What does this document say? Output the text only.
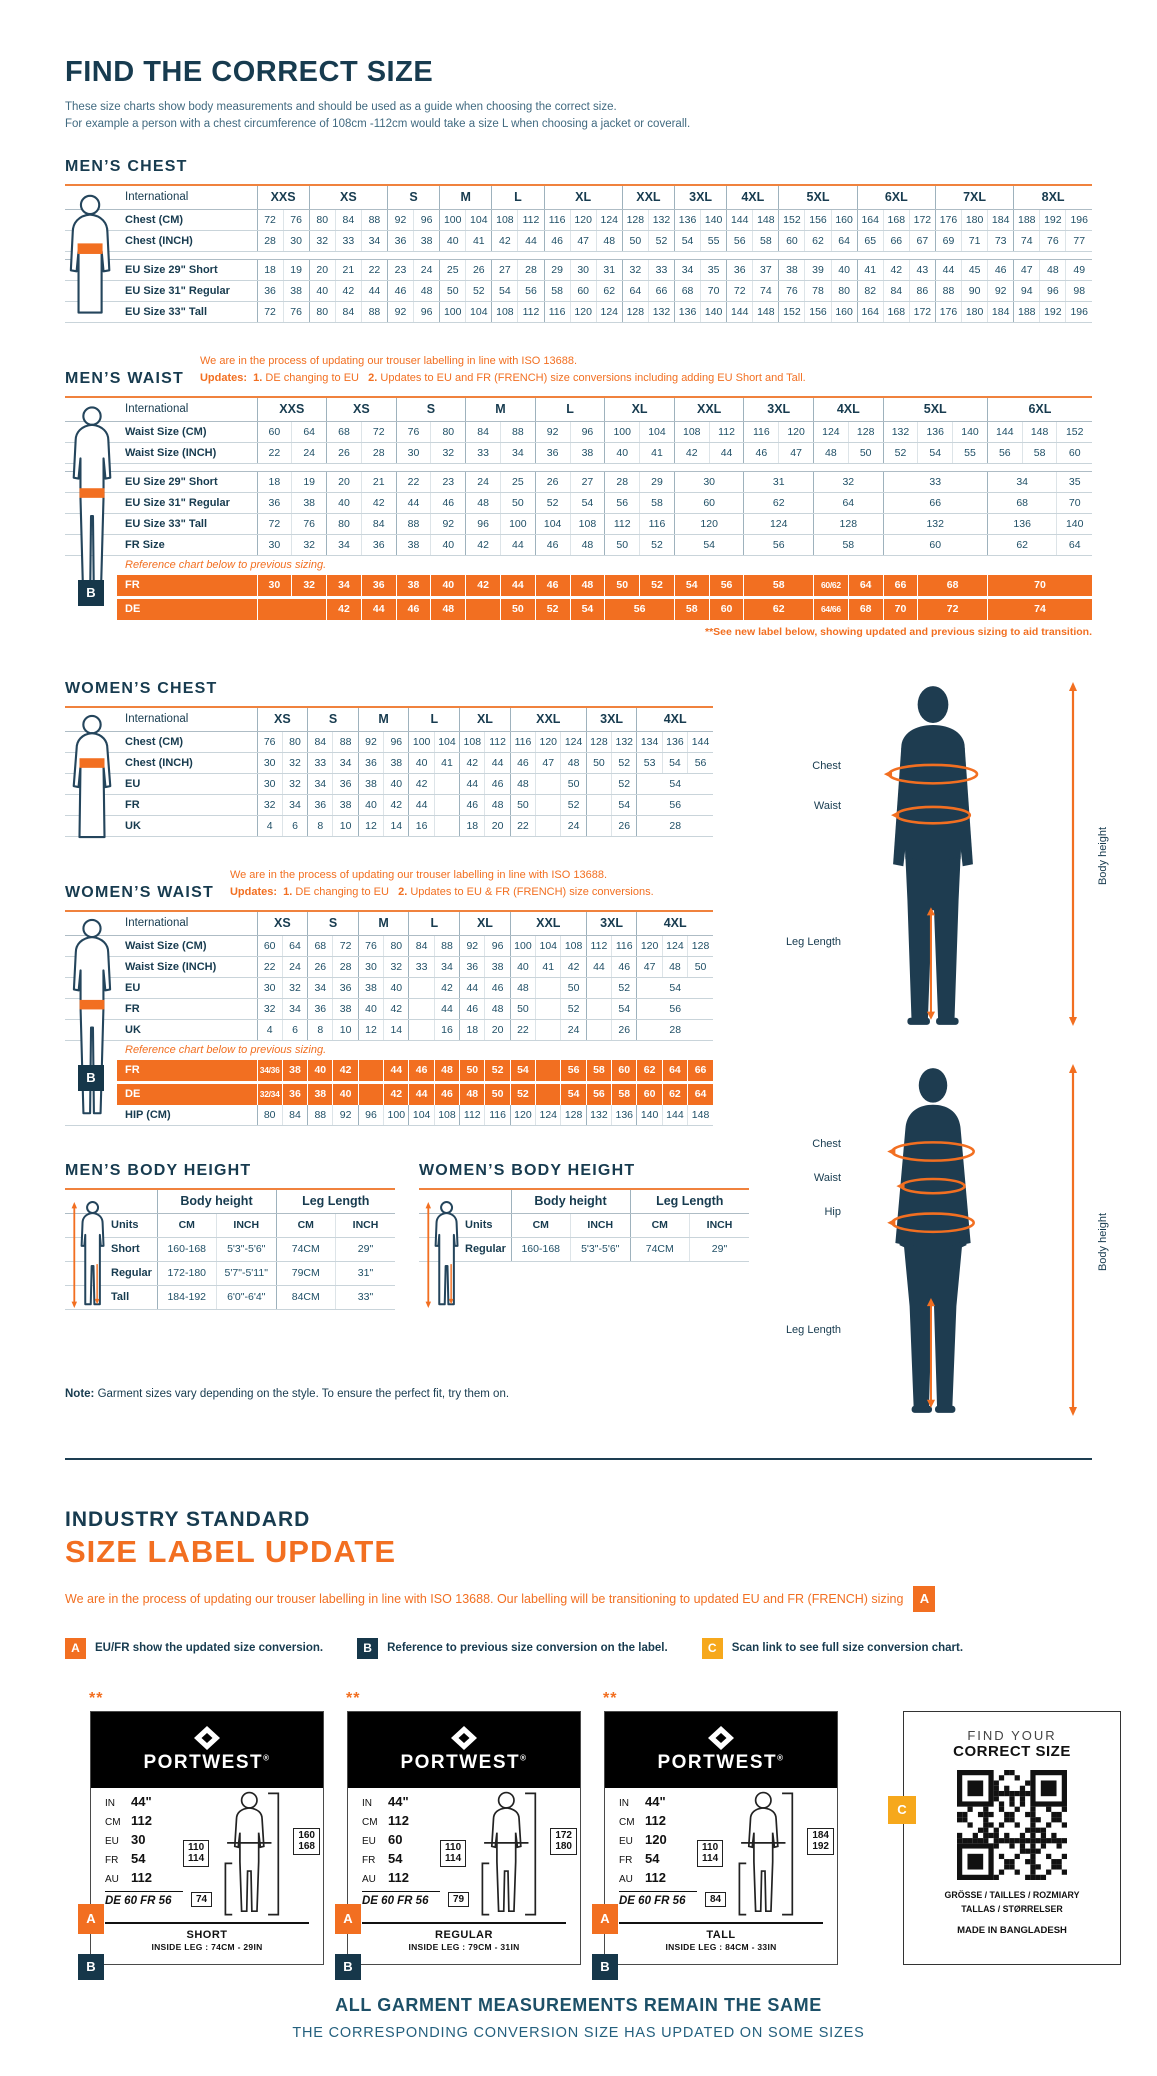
FIND THE CORRECT SIZE

These size charts show body measurements and should be used as a guide when choosing the correct size.
For example a person with a chest circumference of 108cm -112cm would take a size L when choosing a jacket or coverall.

MEN’S CHEST
International	XXS		XS			S		M		L		XL			XXL		3XL		4XL		5XL			6XL			7XL			8XL		
Chest (CM)	72	76	80	84	88	92	96	100	104	108	112	116	120	124	128	132	136	140	144	148	152	156	160	164	168	172	176	180	184	188	192	196
Chest (INCH)	28	30	32	33	34	36	38	40	41	42	44	46	47	48	50	52	54	55	56	58	60	62	64	65	66	67	69	71	73	74	76	77

EU Size 29" Short	18	19	20	21	22	23	24	25	26	27	28	29	30	31	32	33	34	35	36	37	38	39	40	41	42	43	44	45	46	47	48	49
EU Size 31" Regular	36	38	40	42	44	46	48	50	52	54	56	58	60	62	64	66	68	70	72	74	76	78	80	82	84	86	88	90	92	94	96	98
EU Size 33" Tall	72	76	80	84	88	92	96	100	104	108	112	116	120	124	128	132	136	140	144	148	152	156	160	164	168	172	176	180	184	188	192	196
MEN’S WAIST
We are in the process of updating our trouser labelling in line with ISO 13688.
Updates: 1. DE changing to EU 2. Updates to EU and FR (FRENCH) size conversions including adding EU Short and Tall.
International	XXS		XS		S		M		L		XL		XXL		3XL		4XL		5XL			6XL		
Waist Size (CM)	60	64	68	72	76	80	84	88	92	96	100	104	108	112	116	120	124	128	132	136	140	144	148	152
Waist Size (INCH)	22	24	26	28	30	32	33	34	36	38	40	41	42	44	46	47	48	50	52	54	55	56	58	60

EU Size 29" Short	18	19	20	21	22	23	24	25	26	27	28	29	30		31		32		33			34		35
EU Size 31" Regular	36	38	40	42	44	46	48	50	52	54	56	58	60		62		64		66			68		70
EU Size 33" Tall	72	76	80	84	88	92	96	100	104	108	112	116	120		124		128		132			136		140
FR Size	30	32	34	36	38	40	42	44	46	48	50	52	54		56		58		60			62		64
Reference chart below to previous sizing.																								
FR	30	32	34	36	38	40	42	44	46	48	50	52	54	56	58		60/62	64	66	68		70		
DE			42	44	46	48		50	52	54	56		58	60	62		64/66	68	70	72		74		
B
**See new label below, showing updated and previous sizing to aid transition.
WOMEN’S CHEST
International	XS		S		M		L		XL		XXL			3XL		4XL		
Chest (CM)	76	80	84	88	92	96	100	104	108	112	116	120	124	128	132	134	136	144
Chest (INCH)	30	32	33	34	36	38	40	41	42	44	46	47	48	50	52	53	54	56
EU	30	32	34	36	38	40	42		44	46	48		50		52	54		
FR	32	34	36	38	40	42	44		46	48	50		52		54	56		
UK	4	6	8	10	12	14	16		18	20	22		24		26	28		
WOMEN’S WAIST
We are in the process of updating our trouser labelling in line with ISO 13688.
Updates: 1. DE changing to EU 2. Updates to EU & FR (FRENCH) size conversions.
International	XS		S		M		L		XL		XXL			3XL		4XL		
Waist Size (CM)	60	64	68	72	76	80	84	88	92	96	100	104	108	112	116	120	124	128
Waist Size (INCH)	22	24	26	28	30	32	33	34	36	38	40	41	42	44	46	47	48	50
EU	30	32	34	36	38	40		42	44	46	48		50		52	54		
FR	32	34	36	38	40	42		44	46	48	50		52		54	56		
UK	4	6	8	10	12	14		16	18	20	22		24		26	28		
Reference chart below to previous sizing.																		
FR	34/36	38	40	42		44	46	48	50	52	54		56	58	60	62	64	66
DE	32/34	36	38	40		42	44	46	48	50	52		54	56	58	60	62	64
HIP (CM)	80	84	88	92	96	100	104	108	112	116	120	124	128	132	136	140	144	148
B
MEN’S BODY HEIGHT
	Body height		Leg Length	
Units	CM	INCH	CM	INCH
Short	160-168	5'3"-5'6"	74CM	29"
Regular	172-180	5'7"-5'11"	79CM	31"
Tall	184-192	6'0"-6'4"	84CM	33"
WOMEN’S BODY HEIGHT
	Body height		Leg Length	
Units	CM	INCH	CM	INCH
Regular	160-168	5'3"-5'6"	74CM	29"

Note: Garment sizes vary depending on the style. To ensure the perfect fit, try them on.

Chest
Waist
Leg Length
Body height
Chest
Waist
Hip
Leg Length
Body height
INDUSTRY STANDARD
SIZE LABEL UPDATE
We are in the process of updating our trouser labelling in line with ISO 13688. Our labelling will be transitioning to updated EU and FR (FRENCH) sizing	A
A	EU/FR show the updated size conversion.	B	Reference to previous size conversion on the label.	C	Scan link to see full size conversion chart.
**
PORTWEST®
IN	44"
CM 112
EU 30
FR 54
AU 112
DE 60 FR 56
110
114
160
168
74
A
B
SHORT
INSIDE LEG : 74CM - 29IN
**
PORTWEST®
IN	44"
CM 112
EU 60
FR 54
AU 112
DE 60 FR 56
110
114
172
180
79
A
B
REGULAR
INSIDE LEG : 79CM - 31IN
**
PORTWEST®
IN	44"
CM 112
EU 120
FR 54
AU 112
DE 60 FR 56
110
114
184
192
84
A
B
TALL
INSIDE LEG : 84CM - 33IN
C
FIND YOUR
CORRECT SIZE
GRÖSSE / TAILLES / ROZMIARY
TALLAS / STØRRELSER
MADE IN BANGLADESH
ALL GARMENT MEASUREMENTS REMAIN THE SAME
THE CORRESPONDING CONVERSION SIZE HAS UPDATED ON SOME SIZES
